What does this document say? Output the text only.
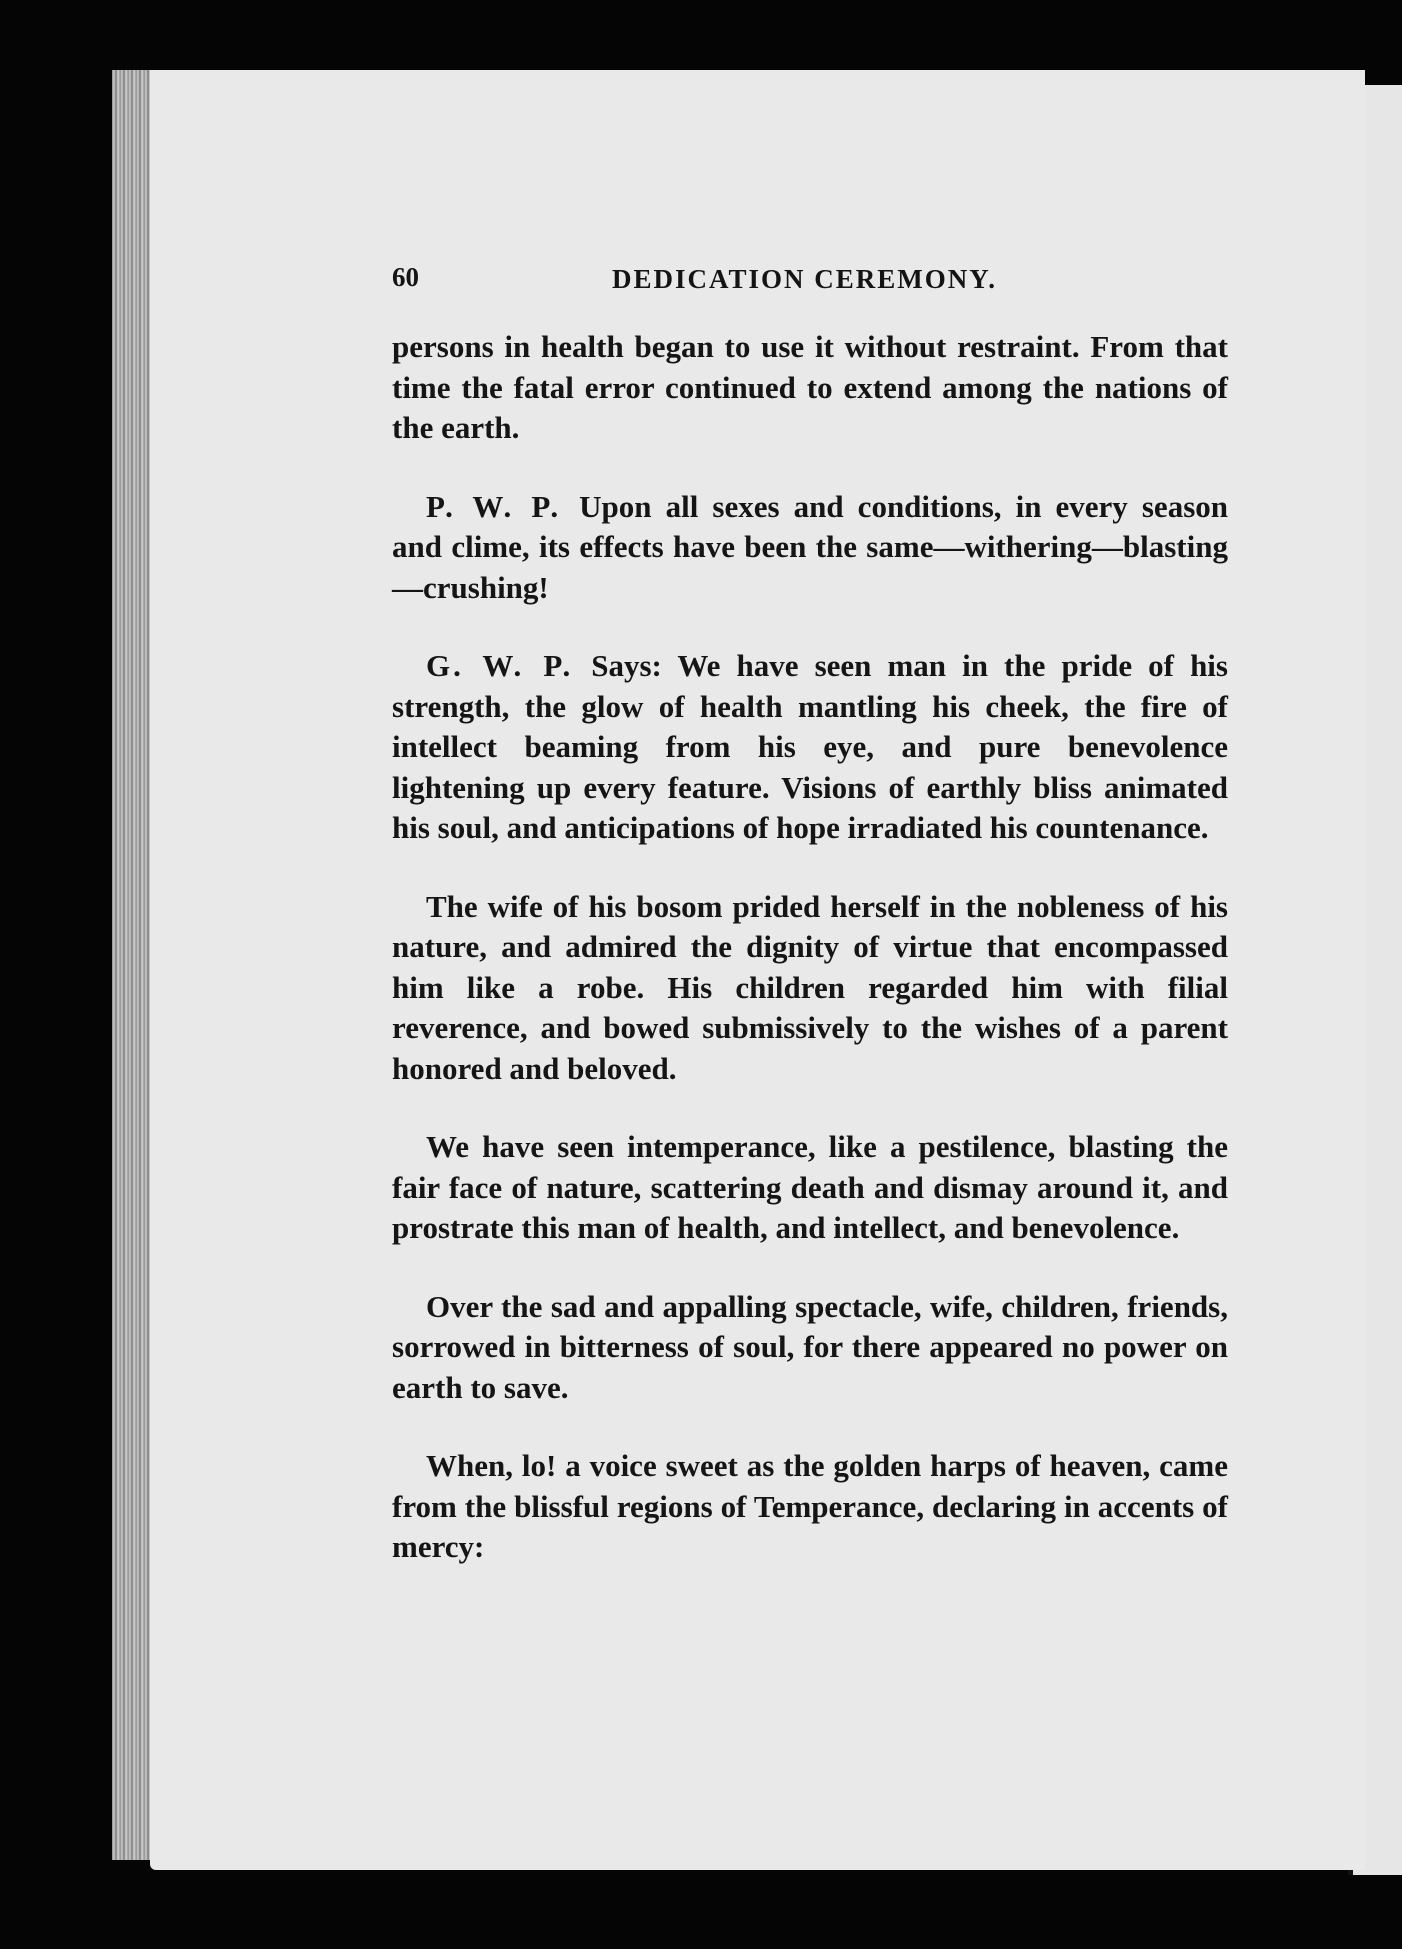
60	DEDICATION CEREMONY.

persons in health began to use it without restraint. From that time the fatal error continued to extend among the nations of the earth.

P. W. P. Upon all sexes and conditions, in every season and clime, its effects have been the same—withering—blasting—crushing!

G. W. P. Says: We have seen man in the pride of his strength, the glow of health mantling his cheek, the fire of intellect beaming from his eye, and pure benevolence lightening up every feature. Visions of earthly bliss animated his soul, and anticipations of hope irradiated his countenance.

The wife of his bosom prided herself in the nobleness of his nature, and admired the dignity of virtue that encompassed him like a robe. His children regarded him with filial reverence, and bowed submissively to the wishes of a parent honored and beloved.

We have seen intemperance, like a pestilence, blasting the fair face of nature, scattering death and dismay around it, and prostrate this man of health, and intellect, and benevolence.

Over the sad and appalling spectacle, wife, children, friends, sorrowed in bitterness of soul, for there appeared no power on earth to save.

When, lo! a voice sweet as the golden harps of heaven, came from the blissful regions of Temperance, declaring in accents of mercy:
